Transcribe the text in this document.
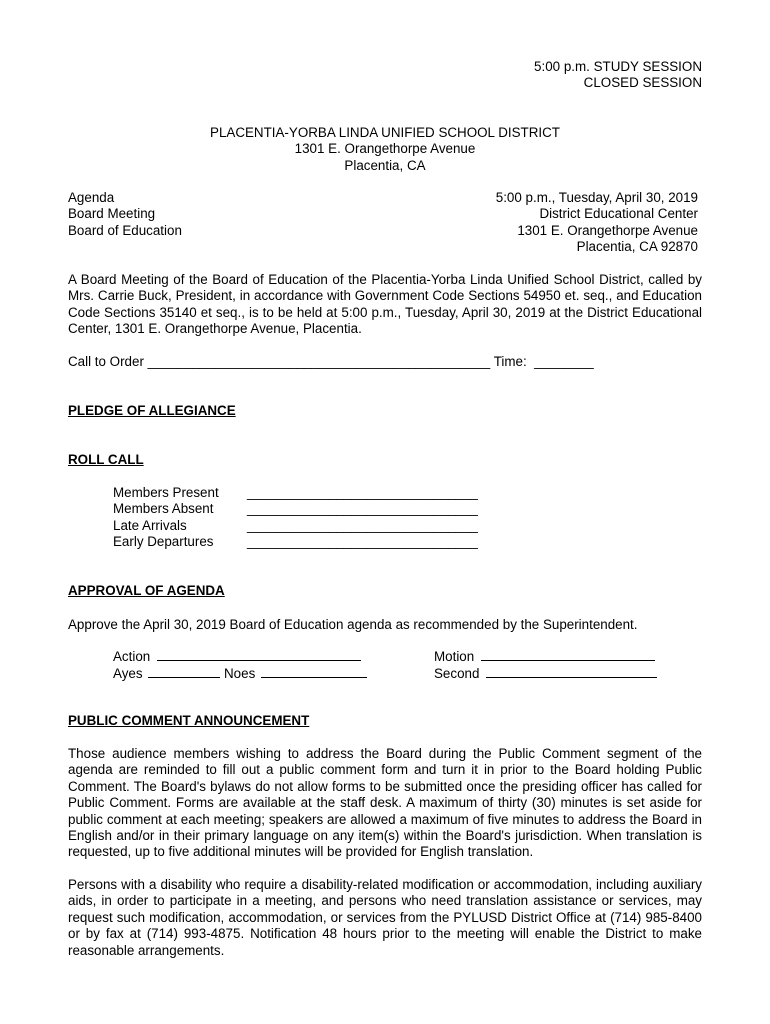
5:00 p.m. STUDY SESSION
CLOSED SESSION
PLACENTIA-YORBA LINDA UNIFIED SCHOOL DISTRICT
1301 E. Orangethorpe Avenue
Placentia, CA
Agenda
Board Meeting
Board of Education
5:00 p.m., Tuesday, April 30, 2019
District Educational Center
1301 E. Orangethorpe Avenue
Placentia, CA 92870
A Board Meeting of the Board of Education of the Placentia-Yorba Linda Unified School District, called by Mrs. Carrie Buck, President, in accordance with Government Code Sections 54950 et. seq., and Education Code Sections 35140 et seq., is to be held at 5:00 p.m., Tuesday, April 30, 2019 at the District Educational Center, 1301 E. Orangethorpe Avenue, Placentia.
Call to Order ______________________________________________ Time: ________
PLEDGE OF ALLEGIANCE
ROLL CALL
Members Present
Members Absent
Late Arrivals
Early Departures
_______________________________
_______________________________
_______________________________
_______________________________
APPROVAL OF AGENDA
Approve the April 30, 2019 Board of Education agenda as recommended by the Superintendent.
Action
Ayes	Noes
Motion
Second
PUBLIC COMMENT ANNOUNCEMENT
Those audience members wishing to address the Board during the Public Comment segment of the agenda are reminded to fill out a public comment form and turn it in prior to the Board holding Public Comment. The Board's bylaws do not allow forms to be submitted once the presiding officer has called for Public Comment. Forms are available at the staff desk. A maximum of thirty (30) minutes is set aside for public comment at each meeting; speakers are allowed a maximum of five minutes to address the Board in English and/or in their primary language on any item(s) within the Board's jurisdiction. When translation is requested, up to five additional minutes will be provided for English translation.
Persons with a disability who require a disability-related modification or accommodation, including auxiliary aids, in order to participate in a meeting, and persons who need translation assistance or services, may request such modification, accommodation, or services from the PYLUSD District Office at (714) 985-8400 or by fax at (714) 993-4875. Notification 48 hours prior to the meeting will enable the District to make reasonable arrangements.
